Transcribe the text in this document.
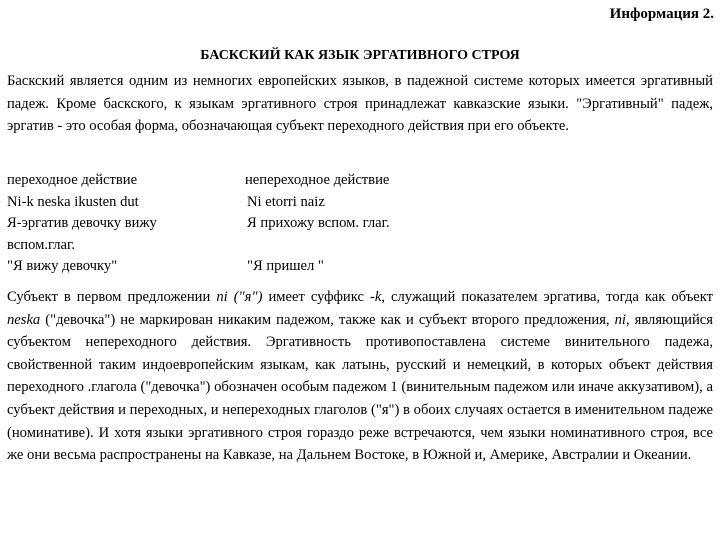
Информация 2.
БАСКСКИЙ КАК ЯЗЫК ЭРГАТИВНОГО СТРОЯ

Баскский является одним из немногих европейских языков, в падежной системе которых имеется эргативный падеж. Кроме баскского, к языкам эргативного строя принадлежат кавказские языки. "Эргативный" падеж, эргатив - это особая форма, обозначающая субъект переходного действия при его объекте.

переходное действие	непереходное действие
Ni-k neska ikusten dut	Ni etorri naiz
Я-эргатив девочку вижу	Я прихожу вспом. глаг.
вспом.глаг.
"Я вижу девочку"	"Я пришел "

Субъект в первом предложении ni ("я") имеет суффикс -k, служащий показателем эргатива, тогда как объект neska ("девочка") не маркирован никаким падежом, также как и субъект второго предложения, ni, являющийся субъектом непереходного действия. Эргативность противопоставлена системе винительного падежа, свойственной таким индоевропейским языкам, как латынь, русский и немецкий, в которых объект действия переходного .глагола ("девочка") обозначен особым падежом 1 (винительным падежом или иначе аккузативом), а субъект действия и переходных, и непереходных глаголов ("я") в обоих случаях остается в именительном падеже (номинативе). И хотя языки эргативного строя гораздо реже встречаются, чем языки номинативного строя, все же они весьма распространены на Кавказе, на Дальнем Востоке, в Южной и, Америке, Австралии и Океании.
